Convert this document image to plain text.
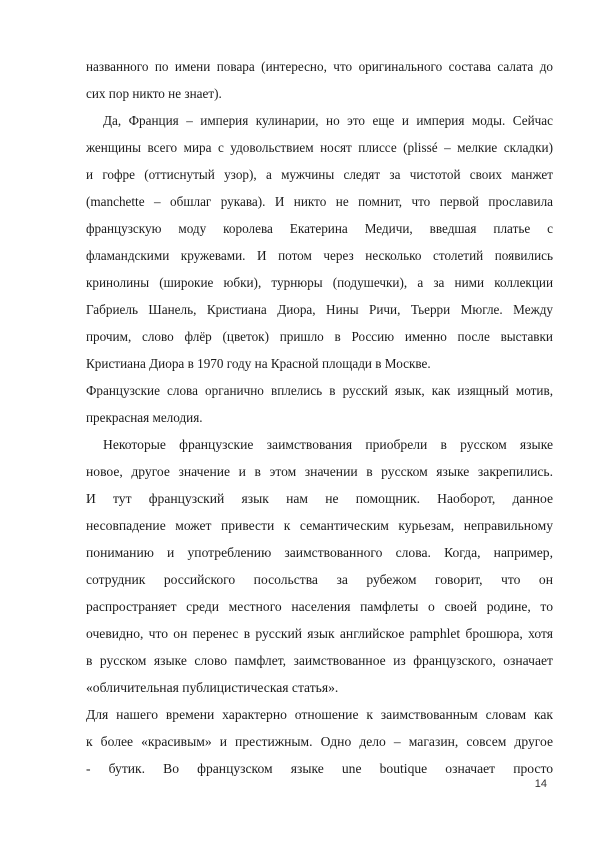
названного по имени повара (интересно, что оригинального состава салата до
сих пор никто не знает).
Да, Франция – империя кулинарии, но это еще и империя моды. Сейчас
женщины всего мира с удовольствием носят плиссе (plissé – мелкие складки)
и гофре (оттиснутый узор), а мужчины следят за чистотой своих манжет
(manchette – обшлаг рукава). И никто не помнит, что первой прославила
французскую моду королева Екатерина Медичи, введшая платье с
фламандскими кружевами. И потом через несколько столетий появились
кринолины (широкие юбки), турнюры (подушечки), а за ними коллекции
Габриель Шанель, Кристиана Диора, Нины Ричи, Тьерри Мюгле. Между
прочим, слово флёр (цветок) пришло в Россию именно после выставки
Кристиана Диора в 1970 году на Красной площади в Москве.
Французские слова органично вплелись в русский язык, как изящный мотив,
прекрасная мелодия.
Некоторые французские заимствования приобрели в русском языке
новое, другое значение и в этом значении в русском языке закрепились.
И тут французский язык нам не помощник. Наоборот, данное
несовпадение может привести к семантическим курьезам, неправильному
пониманию и употреблению заимствованного слова. Когда, например,
сотрудник российского посольства за рубежом говорит, что он
распространяет среди местного населения памфлеты о своей родине, то
очевидно, что он перенес в русский язык английское pamphlet брошюра, хотя
в русском языке слово памфлет, заимствованное из французского, означает
«обличительная публицистическая статья».
Для нашего времени характерно отношение к заимствованным словам как
к более «красивым» и престижным. Одно дело – магазин, совсем другое
- бутик. Во французском языке une boutique означает просто
14
